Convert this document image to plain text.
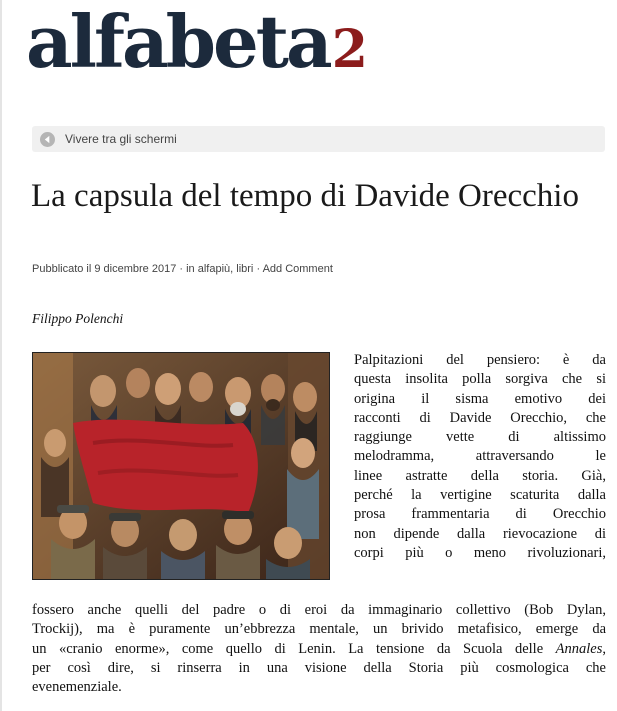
alfabeta2
Vivere tra gli schermi
La capsula del tempo di Davide Orecchio
Pubblicato il 9 dicembre 2017 · in alfapiù, libri · Add Comment
Filippo Polenchi
Palpitazioni del pensiero: è da
questa insolita polla sorgiva che si
origina il sisma emotivo dei
racconti di Davide Orecchio, che
raggiunge vette di altissimo
melodramma, attraversando le
linee astratte della storia. Già,
perché la vertigine scaturita dalla
prosa frammentaria di Orecchio
non dipende dalla rievocazione di
corpi più o meno rivoluzionari,
fossero anche quelli del padre o di eroi da immaginario collettivo (Bob Dylan,
Trockij), ma è puramente un’ebbrezza mentale, un brivido metafisico, emerge da
un «cranio enorme», come quello di Lenin. La tensione da Scuola delle Annales,
per così dire, si rinserra in una visione della Storia più cosmologica che
evenemenziale.
